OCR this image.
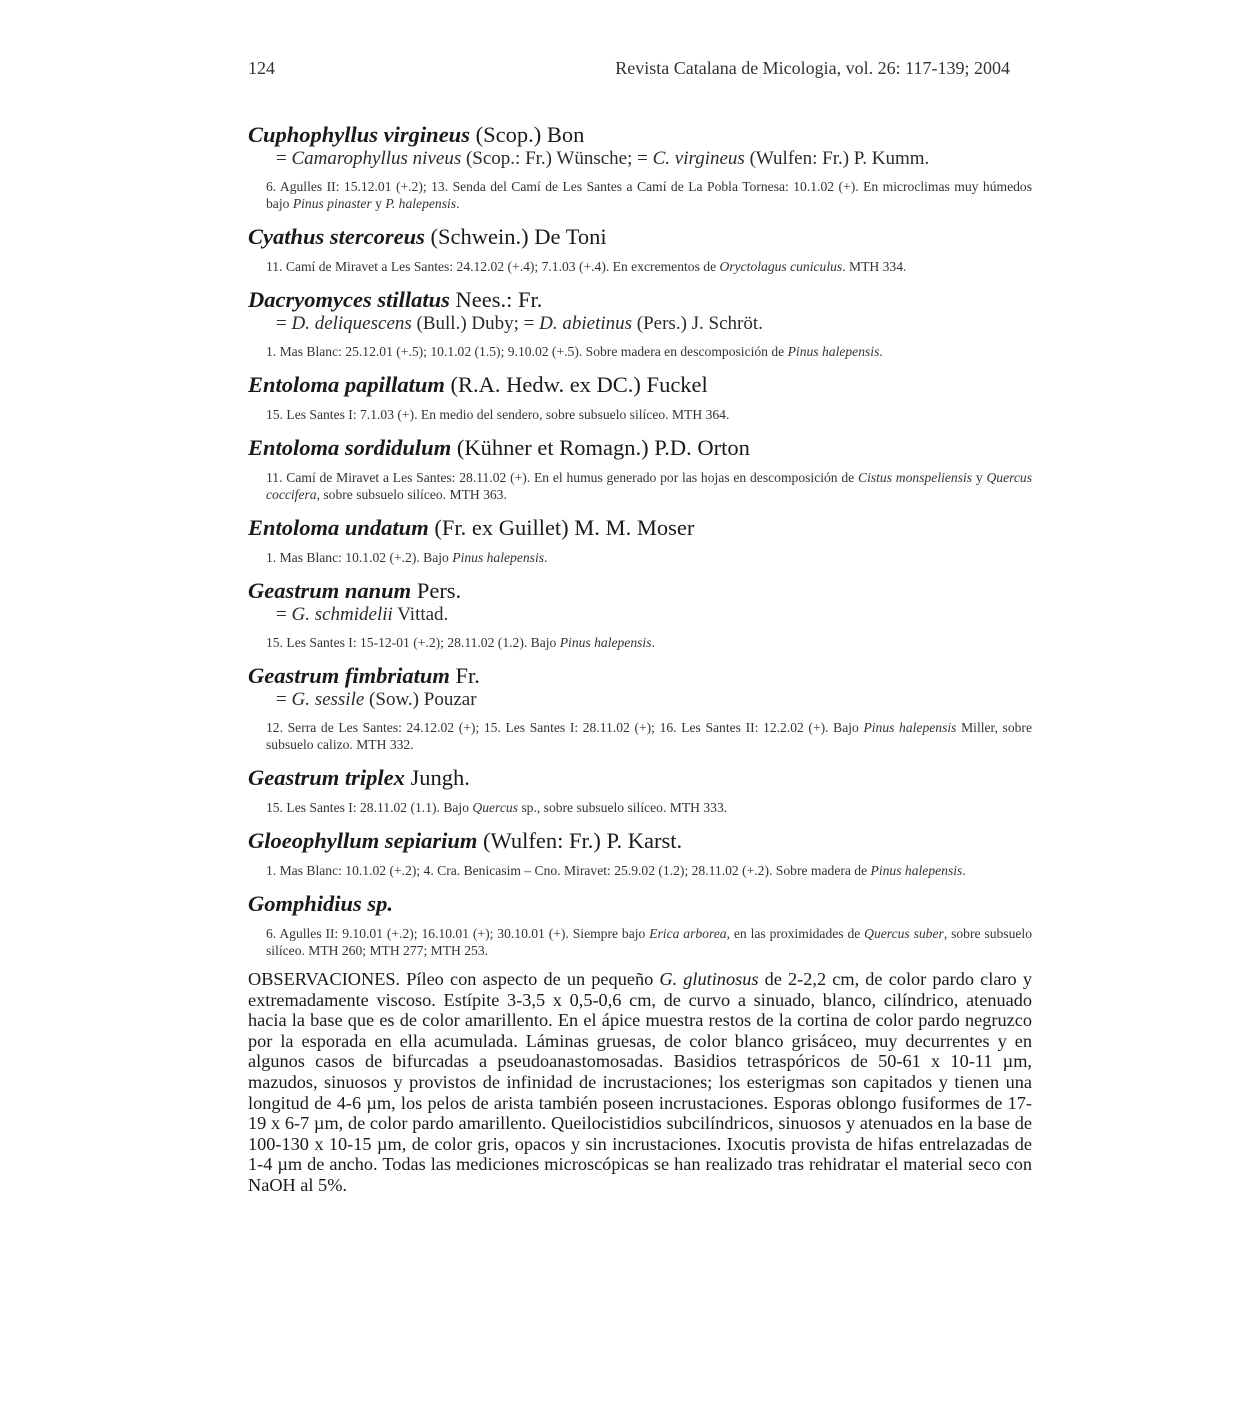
124	Revista Catalana de Micologia, vol. 26: 117-139; 2004

Cuphophyllus virgineus (Scop.) Bon

= Camarophyllus niveus (Scop.: Fr.) Wünsche; = C. virgineus (Wulfen: Fr.) P. Kumm.

6. Agulles II: 15.12.01 (+.2); 13. Senda del Camí de Les Santes a Camí de La Pobla Tornesa: 10.1.02 (+). En microclimas muy húmedos bajo Pinus pinaster y P. halepensis.

Cyathus stercoreus (Schwein.) De Toni

11. Camí de Miravet a Les Santes: 24.12.02 (+.4); 7.1.03 (+.4). En excrementos de Oryctolagus cuniculus. MTH 334.

Dacryomyces stillatus Nees.: Fr.

= D. deliquescens (Bull.) Duby; = D. abietinus (Pers.) J. Schröt.

1. Mas Blanc: 25.12.01 (+.5); 10.1.02 (1.5); 9.10.02 (+.5). Sobre madera en descomposición de Pinus halepensis.

Entoloma papillatum (R.A. Hedw. ex DC.) Fuckel

15. Les Santes I: 7.1.03 (+). En medio del sendero, sobre subsuelo silíceo. MTH 364.

Entoloma sordidulum (Kühner et Romagn.) P.D. Orton

11. Camí de Miravet a Les Santes: 28.11.02 (+). En el humus generado por las hojas en descomposición de Cistus monspeliensis y Quercus coccifera, sobre subsuelo silíceo. MTH 363.

Entoloma undatum (Fr. ex Guillet) M. M. Moser

1. Mas Blanc: 10.1.02 (+.2). Bajo Pinus halepensis.

Geastrum nanum Pers.

= G. schmidelii Vittad.

15. Les Santes I: 15-12-01 (+.2); 28.11.02 (1.2). Bajo Pinus halepensis.

Geastrum fimbriatum Fr.

= G. sessile (Sow.) Pouzar

12. Serra de Les Santes: 24.12.02 (+); 15. Les Santes I: 28.11.02 (+); 16. Les Santes II: 12.2.02 (+). Bajo Pinus halepensis Miller, sobre subsuelo calizo. MTH 332.

Geastrum triplex Jungh.

15. Les Santes I: 28.11.02 (1.1). Bajo Quercus sp., sobre subsuelo silíceo. MTH 333.

Gloeophyllum sepiarium (Wulfen: Fr.) P. Karst.

1. Mas Blanc: 10.1.02 (+.2); 4. Cra. Benicasim – Cno. Miravet: 25.9.02 (1.2); 28.11.02 (+.2). Sobre madera de Pinus halepensis.

Gomphidius sp.

6. Agulles II: 9.10.01 (+.2); 16.10.01 (+); 30.10.01 (+). Siempre bajo Erica arborea, en las proximidades de Quercus suber, sobre subsuelo silíceo. MTH 260; MTH 277; MTH 253.

OBSERVACIONES. Píleo con aspecto de un pequeño G. glutinosus de 2-2,2 cm, de color pardo claro y extremadamente viscoso. Estípite 3-3,5 x 0,5-0,6 cm, de curvo a sinuado, blanco, cilíndrico, atenuado hacia la base que es de color amarillento. En el ápice muestra restos de la cortina de color pardo negruzco por la esporada en ella acumulada. Láminas gruesas, de color blanco grisáceo, muy decurrentes y en algunos casos de bifurcadas a pseudoanastomosadas. Basidios tetraspóricos de 50-61 x 10-11 µm, mazudos, sinuosos y provistos de infinidad de incrustaciones; los esterigmas son capitados y tienen una longitud de 4-6 µm, los pelos de arista también poseen incrustaciones. Esporas oblongo fusiformes de 17-19 x 6-7 µm, de color pardo amarillento. Queilocistidios subcilíndricos, sinuosos y atenuados en la base de 100-130 x 10-15 µm, de color gris, opacos y sin incrustaciones. Ixocutis provista de hifas entrelazadas de 1-4 µm de ancho. Todas las mediciones microscópicas se han realizado tras rehidratar el material seco con NaOH al 5%.
